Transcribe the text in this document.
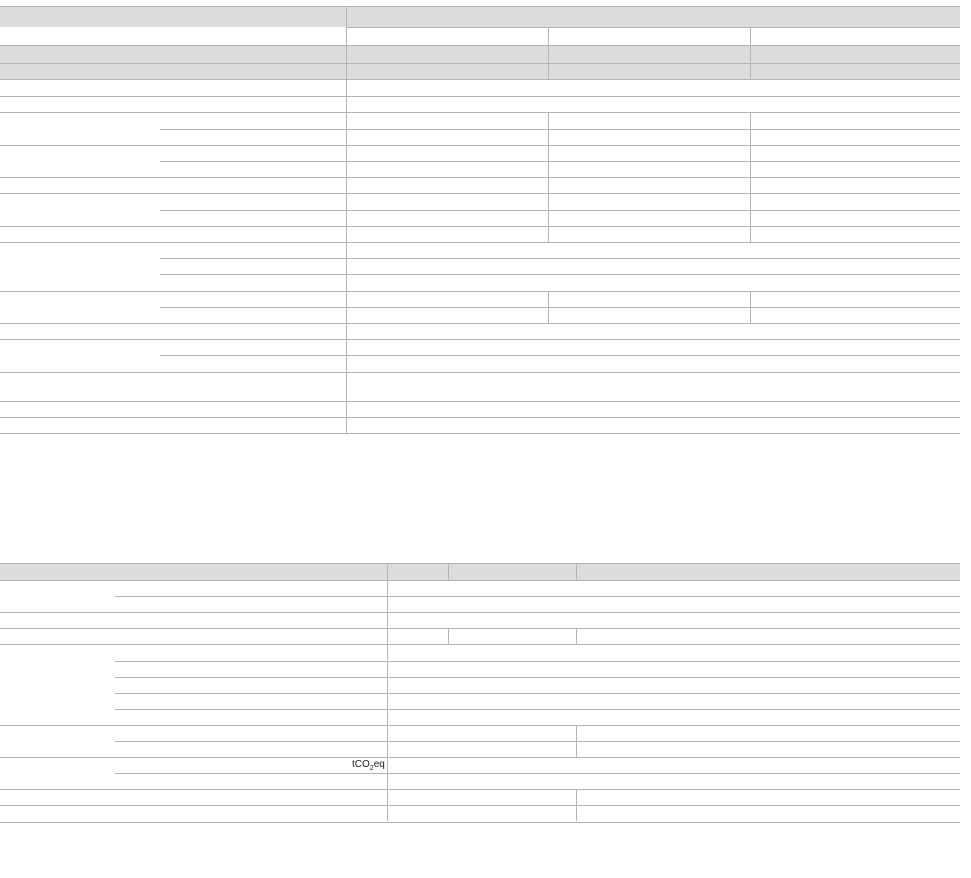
tCO$_2$eq
